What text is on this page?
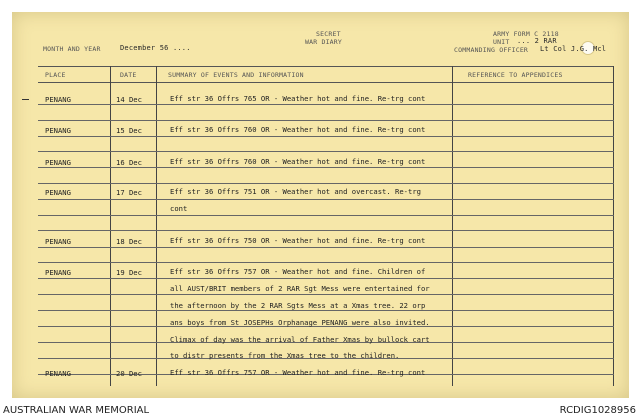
SECRET
WAR DIARY
MONTH AND YEAR	December 56 ....
ARMY FORM C 2118
UNIT ... 2 RAR
COMMANDING OFFICER Lt Col J.G. Mcl
PLACE	DATE	SUMMARY OF EVENTS AND INFORMATION	REFERENCE TO APPENDICES
PENANG	14 Dec	Eff str 36 Offrs 765 OR - Weather hot and fine. Re-trg cont
PENANG	15 Dec	Eff str 36 Offrs 760 OR - Weather hot and fine. Re-trg cont
PENANG	16 Dec	Eff str 36 Offrs 760 OR - Weather hot and fine. Re-trg cont
PENANG	17 Dec	Eff str 36 Offrs 751 OR - Weather hot and overcast. Re-trg
cont
PENANG	18 Dec	Eff str 36 Offrs 750 OR - Weather hot and fine. Re-trg cont
PENANG	19 Dec	Eff str 36 Offrs 757 OR - Weather hot and fine. Children of
all AUST/BRIT members of 2 RAR Sgt Mess were entertained for
the afternoon by the 2 RAR Sgts Mess at a Xmas tree. 22 orp
ans boys from St JOSEPHs Orphanage PENANG were also invited.
Climax of day was the arrival of Father Xmas by bullock cart
to distr presents from the Xmas tree to the children.
PENANG	20 Dec	Eff str 36 Offrs 757 OR - Weather hot and fine. Re-trg cont
AUSTRALIAN WAR MEMORIAL	RCDIG1028956
